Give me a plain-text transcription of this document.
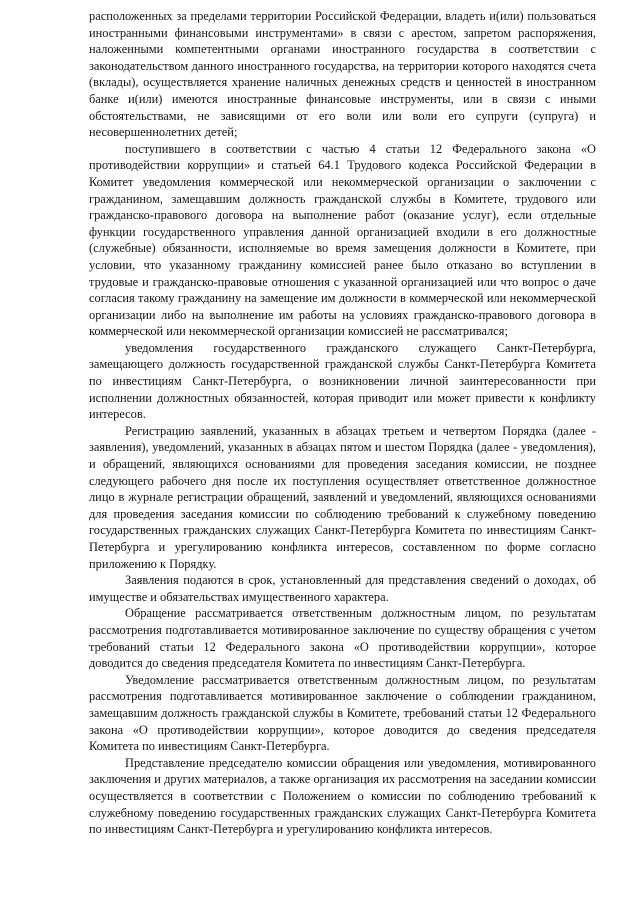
расположенных за пределами территории Российской Федерации, владеть и(или) пользоваться иностранными финансовыми инструментами» в связи с арестом, запретом распоряжения, наложенными компетентными органами иностранного государства в соответствии с законодательством данного иностранного государства, на территории которого находятся счета (вклады), осуществляется хранение наличных денежных средств и ценностей в иностранном банке и(или) имеются иностранные финансовые инструменты, или в связи с иными обстоятельствами, не зависящими от его воли или воли его супруги (супруга) и несовершеннолетних детей;

поступившего в соответствии с частью 4 статьи 12 Федерального закона «О противодействии коррупции» и статьей 64.1 Трудового кодекса Российской Федерации в Комитет уведомления коммерческой или некоммерческой организации о заключении с гражданином, замещавшим должность гражданской службы в Комитете, трудового или гражданско-правового договора на выполнение работ (оказание услуг), если отдельные функции государственного управления данной организацией входили в его должностные (служебные) обязанности, исполняемые во время замещения должности в Комитете, при условии, что указанному гражданину комиссией ранее было отказано во вступлении в трудовые и гражданско-правовые отношения с указанной организацией или что вопрос о даче согласия такому гражданину на замещение им должности в коммерческой или некоммерческой организации либо на выполнение им работы на условиях гражданско-правового договора в коммерческой или некоммерческой организации комиссией не рассматривался;

уведомления государственного гражданского служащего Санкт-Петербурга, замещающего должность государственной гражданской службы Санкт-Петербурга Комитета по инвестициям Санкт-Петербурга, о возникновении личной заинтересованности при исполнении должностных обязанностей, которая приводит или может привести к конфликту интересов.

Регистрацию заявлений, указанных в абзацах третьем и четвертом Порядка (далее - заявления), уведомлений, указанных в абзацах пятом и шестом Порядка (далее - уведомления), и обращений, являющихся основаниями для проведения заседания комиссии, не позднее следующего рабочего дня после их поступления осуществляет ответственное должностное лицо в журнале регистрации обращений, заявлений и уведомлений, являющихся основаниями для проведения заседания комиссии по соблюдению требований к служебному поведению государственных гражданских служащих Санкт-Петербурга Комитета по инвестициям Санкт-Петербурга и урегулированию конфликта интересов, составленном по форме согласно приложению к Порядку.

Заявления подаются в срок, установленный для представления сведений о доходах, об имуществе и обязательствах имущественного характера.

Обращение рассматривается ответственным должностным лицом, по результатам рассмотрения подготавливается мотивированное заключение по существу обращения с учетом требований статьи 12 Федерального закона «О противодействии коррупции», которое доводится до сведения председателя Комитета по инвестициям Санкт-Петербурга.

Уведомление рассматривается ответственным должностным лицом, по результатам рассмотрения подготавливается мотивированное заключение о соблюдении гражданином, замещавшим должность гражданской службы в Комитете, требований статьи 12 Федерального закона «О противодействии коррупции», которое доводится до сведения председателя Комитета по инвестициям Санкт-Петербурга.

Представление председателю комиссии обращения или уведомления, мотивированного заключения и других материалов, а также организация их рассмотрения на заседании комиссии осуществляется в соответствии с Положением о комиссии по соблюдению требований к служебному поведению государственных гражданских служащих Санкт-Петербурга Комитета по инвестициям Санкт-Петербурга и урегулированию конфликта интересов.
